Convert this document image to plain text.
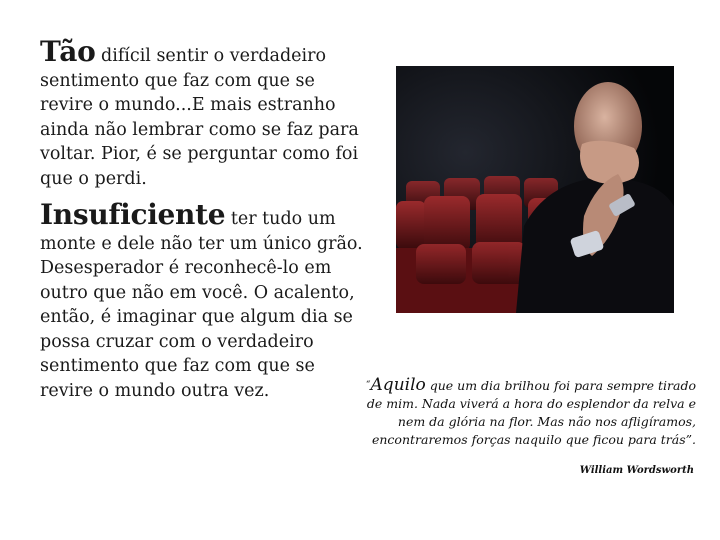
Tão difícil sentir o verdadeiro sentimento que faz com que se revire o mundo...E mais estranho ainda não lembrar como se faz para voltar. Pior, é se perguntar como foi que o perdi.

Insuficiente ter tudo um monte e dele não ter um único grão. Desesperador é reconhecê-lo em outro que não em você. O acalento, então, é imaginar que algum dia se possa cruzar com o verdadeiro sentimento que faz com que se revire o mundo outra vez.	“Aquilo que um dia brilhou foi para sempre tirado de mim. Nada viverá a hora do esplendor da relva e nem da glória na flor. Mas não nos afligíramos, encontraremos forças naquilo que ficou para trás”.
William Wordsworth
